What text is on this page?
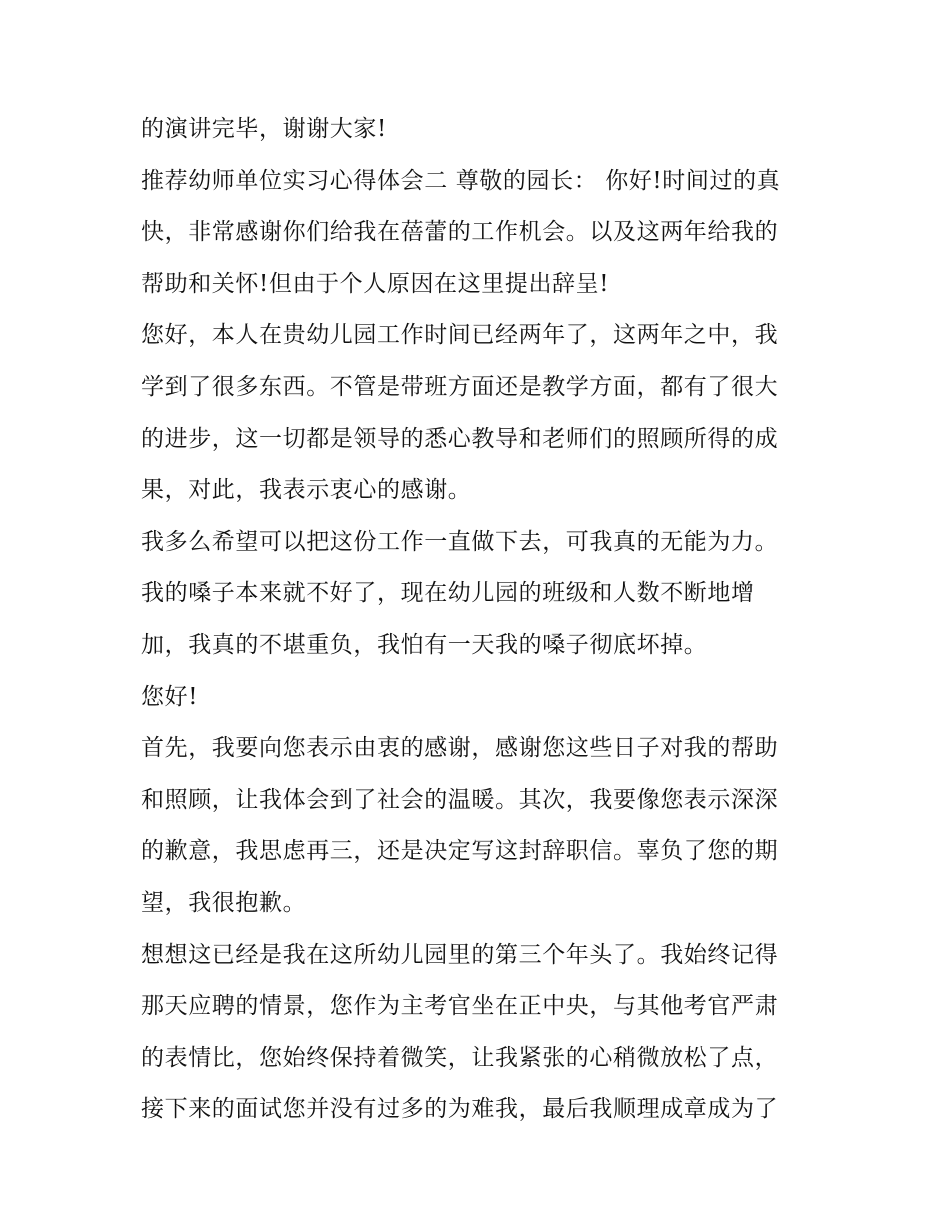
的演讲完毕，谢谢大家!
推荐幼师单位实习心得体会二 尊敬的园长： 你好!时间过的真
快，非常感谢你们给我在蓓蕾的工作机会。以及这两年给我的
帮助和关怀!但由于个人原因在这里提出辞呈!
您好，本人在贵幼儿园工作时间已经两年了，这两年之中，我
学到了很多东西。不管是带班方面还是教学方面，都有了很大
的进步，这一切都是领导的悉心教导和老师们的照顾所得的成
果，对此，我表示衷心的感谢。
我多么希望可以把这份工作一直做下去，可我真的无能为力。
我的嗓子本来就不好了，现在幼儿园的班级和人数不断地增
加，我真的不堪重负，我怕有一天我的嗓子彻底坏掉。
您好!
首先，我要向您表示由衷的感谢，感谢您这些日子对我的帮助
和照顾，让我体会到了社会的温暖。其次，我要像您表示深深
的歉意，我思虑再三，还是决定写这封辞职信。辜负了您的期
望，我很抱歉。
想想这已经是我在这所幼儿园里的第三个年头了。我始终记得
那天应聘的情景，您作为主考官坐在正中央，与其他考官严肃
的表情比，您始终保持着微笑，让我紧张的心稍微放松了点，
接下来的面试您并没有过多的为难我，最后我顺理成章成为了
